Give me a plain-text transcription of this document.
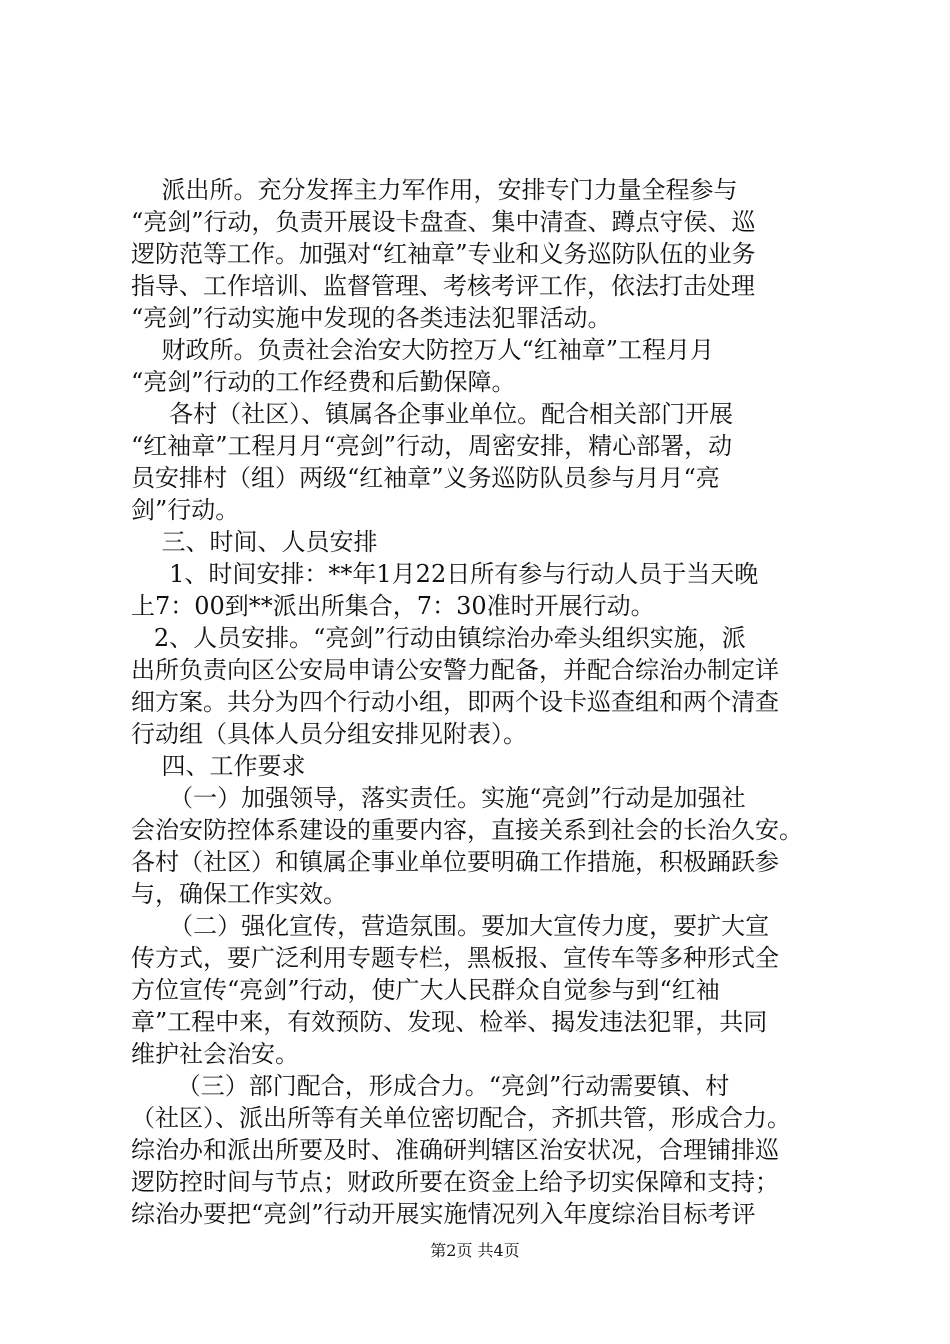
派出所。充分发挥主力军作用，安排专门力量全程参与
“亮剑”行动，负责开展设卡盘查、集中清查、蹲点守侯、巡
逻防范等工作。加强对“红袖章”专业和义务巡防队伍的业务
指导、工作培训、监督管理、考核考评工作，依法打击处理
“亮剑”行动实施中发现的各类违法犯罪活动。
财政所。负责社会治安大防控万人“红袖章”工程月月
“亮剑”行动的工作经费和后勤保障。
各村（社区）、镇属各企事业单位。配合相关部门开展
“红袖章”工程月月“亮剑”行动，周密安排，精心部署，动
员安排村（组）两级“红袖章”义务巡防队员参与月月“亮
剑”行动。
三、时间、人员安排
1、时间安排：**年1月22日所有参与行动人员于当天晚
上7：00到**派出所集合，7：30准时开展行动。
2、人员安排。“亮剑”行动由镇综治办牵头组织实施，派
出所负责向区公安局申请公安警力配备，并配合综治办制定详
细方案。共分为四个行动小组，即两个设卡巡查组和两个清查
行动组（具体人员分组安排见附表）。
四、工作要求
（一）加强领导，落实责任。实施“亮剑”行动是加强社
会治安防控体系建设的重要内容，直接关系到社会的长治久安。
各村（社区）和镇属企事业单位要明确工作措施，积极踊跃参
与，确保工作实效。
（二）强化宣传，营造氛围。要加大宣传力度，要扩大宣
传方式，要广泛利用专题专栏，黑板报、宣传车等多种形式全
方位宣传“亮剑”行动，使广大人民群众自觉参与到“红袖
章”工程中来，有效预防、发现、检举、揭发违法犯罪，共同
维护社会治安。
（三）部门配合，形成合力。“亮剑”行动需要镇、村
（社区）、派出所等有关单位密切配合，齐抓共管，形成合力。
综治办和派出所要及时、准确研判辖区治安状况，合理铺排巡
逻防控时间与节点；财政所要在资金上给予切实保障和支持；
综治办要把“亮剑”行动开展实施情况列入年度综治目标考评
第2页 共4页
